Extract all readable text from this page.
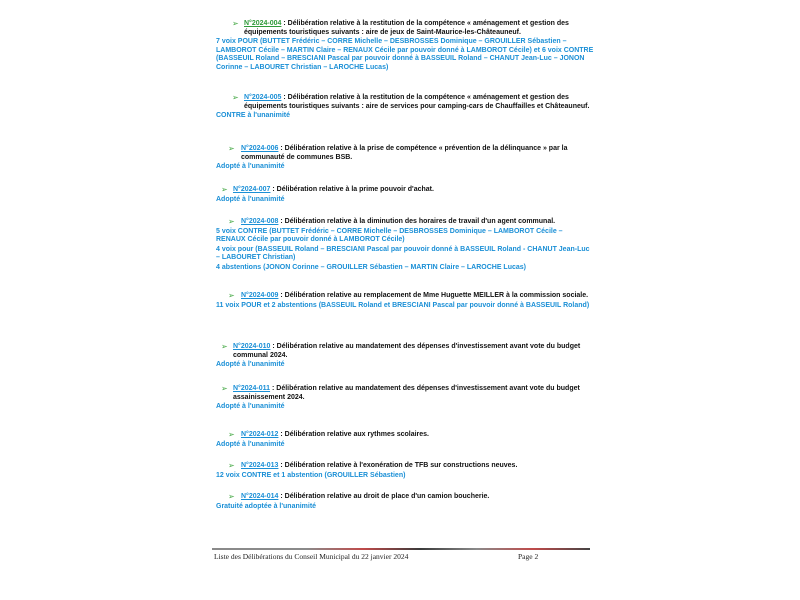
➢ N°2024-004 : Délibération relative à la restitution de la compétence « aménagement et gestion des équipements touristiques suivants : aire de jeux de Saint-Maurice-les-Châteauneuf.
7 voix POUR (BUTTET Frédéric – CORRE Michelle – DESBROSSES Dominique – GROUILLER Sébastien – LAMBOROT Cécile – MARTIN Claire – RENAUX Cécile par pouvoir donné à LAMBOROT Cécile) et 6 voix CONTRE (BASSEUIL Roland – BRESCIANI Pascal par pouvoir donné à BASSEUIL Roland – CHANUT Jean-Luc – JONON Corinne – LABOURET Christian – LAROCHE Lucas)
➢ N°2024-005 : Délibération relative à la restitution de la compétence « aménagement et gestion des équipements touristiques suivants : aire de services pour camping-cars de Chauffailles et Châteauneuf.
CONTRE à l'unanimité
➢ N°2024-006 : Délibération relative à la prise de compétence « prévention de la délinquance » par la communauté de communes BSB.
Adopté à l'unanimité
➢ N°2024-007 : Délibération relative à la prime pouvoir d'achat.
Adopté à l'unanimité
➢ N°2024-008 : Délibération relative à la diminution des horaires de travail d'un agent communal.
5 voix CONTRE (BUTTET Frédéric – CORRE Michelle – DESBROSSES Dominique – LAMBOROT Cécile – RENAUX Cécile par pouvoir donné à LAMBOROT Cécile)
4 voix pour (BASSEUIL Roland – BRESCIANI Pascal par pouvoir donné à BASSEUIL Roland - CHANUT Jean-Luc – LABOURET Christian)
4 abstentions (JONON Corinne – GROUILLER Sébastien – MARTIN Claire – LAROCHE Lucas)
➢ N°2024-009 : Délibération relative au remplacement de Mme Huguette MEILLER à la commission sociale.
11 voix POUR et 2 abstentions (BASSEUIL Roland et BRESCIANI Pascal par pouvoir donné à BASSEUIL Roland)
➢ N°2024-010 : Délibération relative au mandatement des dépenses d'investissement avant vote du budget communal 2024.
Adopté à l'unanimité
➢ N°2024-011 : Délibération relative au mandatement des dépenses d'investissement avant vote du budget assainissement 2024.
Adopté à l'unanimité
➢ N°2024-012 : Délibération relative aux rythmes scolaires.
Adopté à l'unanimité
➢ N°2024-013 : Délibération relative à l'exonération de TFB sur constructions neuves.
12 voix CONTRE et 1 abstention (GROUILLER Sébastien)
➢ N°2024-014 : Délibération relative au droit de place d'un camion boucherie.
Gratuité adoptée à l'unanimité
Liste des Délibérations du Conseil Municipal du 22 janvier 2024	Page 2
